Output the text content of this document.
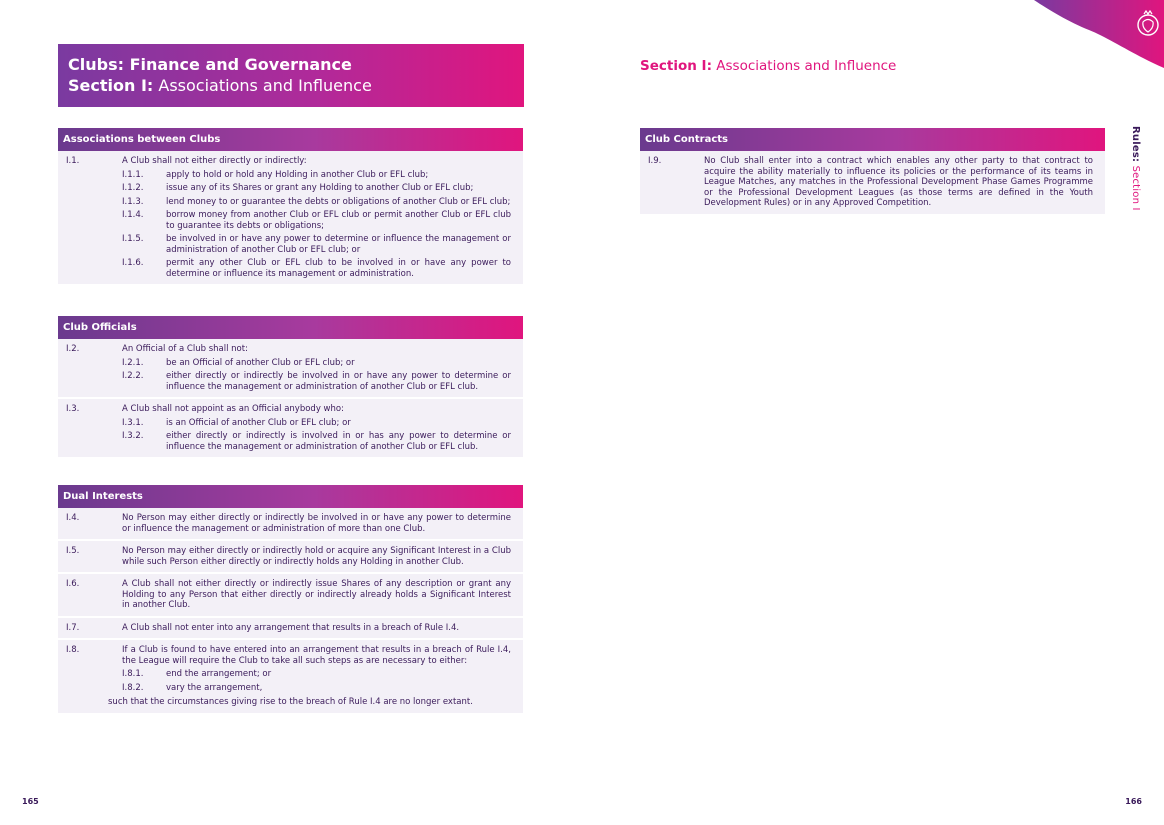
Clubs: Finance and Governance
Section I: Associations and Influence
Section I: Associations and Influence
Rules: Section I
Associations between Clubs
I.1.	A Club shall not either directly or indirectly:
I.1.1.	apply to hold or hold any Holding in another Club or EFL club;
I.1.2.	issue any of its Shares or grant any Holding to another Club or EFL club;
I.1.3.	lend money to or guarantee the debts or obligations of another Club or EFL club;
I.1.4.	borrow money from another Club or EFL club or permit another Club or EFL club to guarantee its debts or obligations;
I.1.5.	be involved in or have any power to determine or influence the management or administration of another Club or EFL club; or
I.1.6.	permit any other Club or EFL club to be involved in or have any power to determine or influence its management or administration.
Club Officials
I.2.	An Official of a Club shall not:
I.2.1.	be an Official of another Club or EFL club; or
I.2.2.	either directly or indirectly be involved in or have any power to determine or influence the management or administration of another Club or EFL club.
I.3.	A Club shall not appoint as an Official anybody who:
I.3.1.	is an Official of another Club or EFL club; or
I.3.2.	either directly or indirectly is involved in or has any power to determine or influence the management or administration of another Club or EFL club.
Dual Interests
I.4.	No Person may either directly or indirectly be involved in or have any power to determine or influence the management or administration of more than one Club.
I.5.	No Person may either directly or indirectly hold or acquire any Significant Interest in a Club while such Person either directly or indirectly holds any Holding in another Club.
I.6.	A Club shall not either directly or indirectly issue Shares of any description or grant any Holding to any Person that either directly or indirectly already holds a Significant Interest in another Club.
I.7.	A Club shall not enter into any arrangement that results in a breach of Rule I.4.
I.8.	If a Club is found to have entered into an arrangement that results in a breach of Rule I.4, the League will require the Club to take all such steps as are necessary to either:
I.8.1.	end the arrangement; or
I.8.2.	vary the arrangement,
such that the circumstances giving rise to the breach of Rule I.4 are no longer extant.
Club Contracts
I.9.	No Club shall enter into a contract which enables any other party to that contract to acquire the ability materially to influence its policies or the performance of its teams in League Matches, any matches in the Professional Development Phase Games Programme or the Professional Development Leagues (as those terms are defined in the Youth Development Rules) or in any Approved Competition.
165	166
